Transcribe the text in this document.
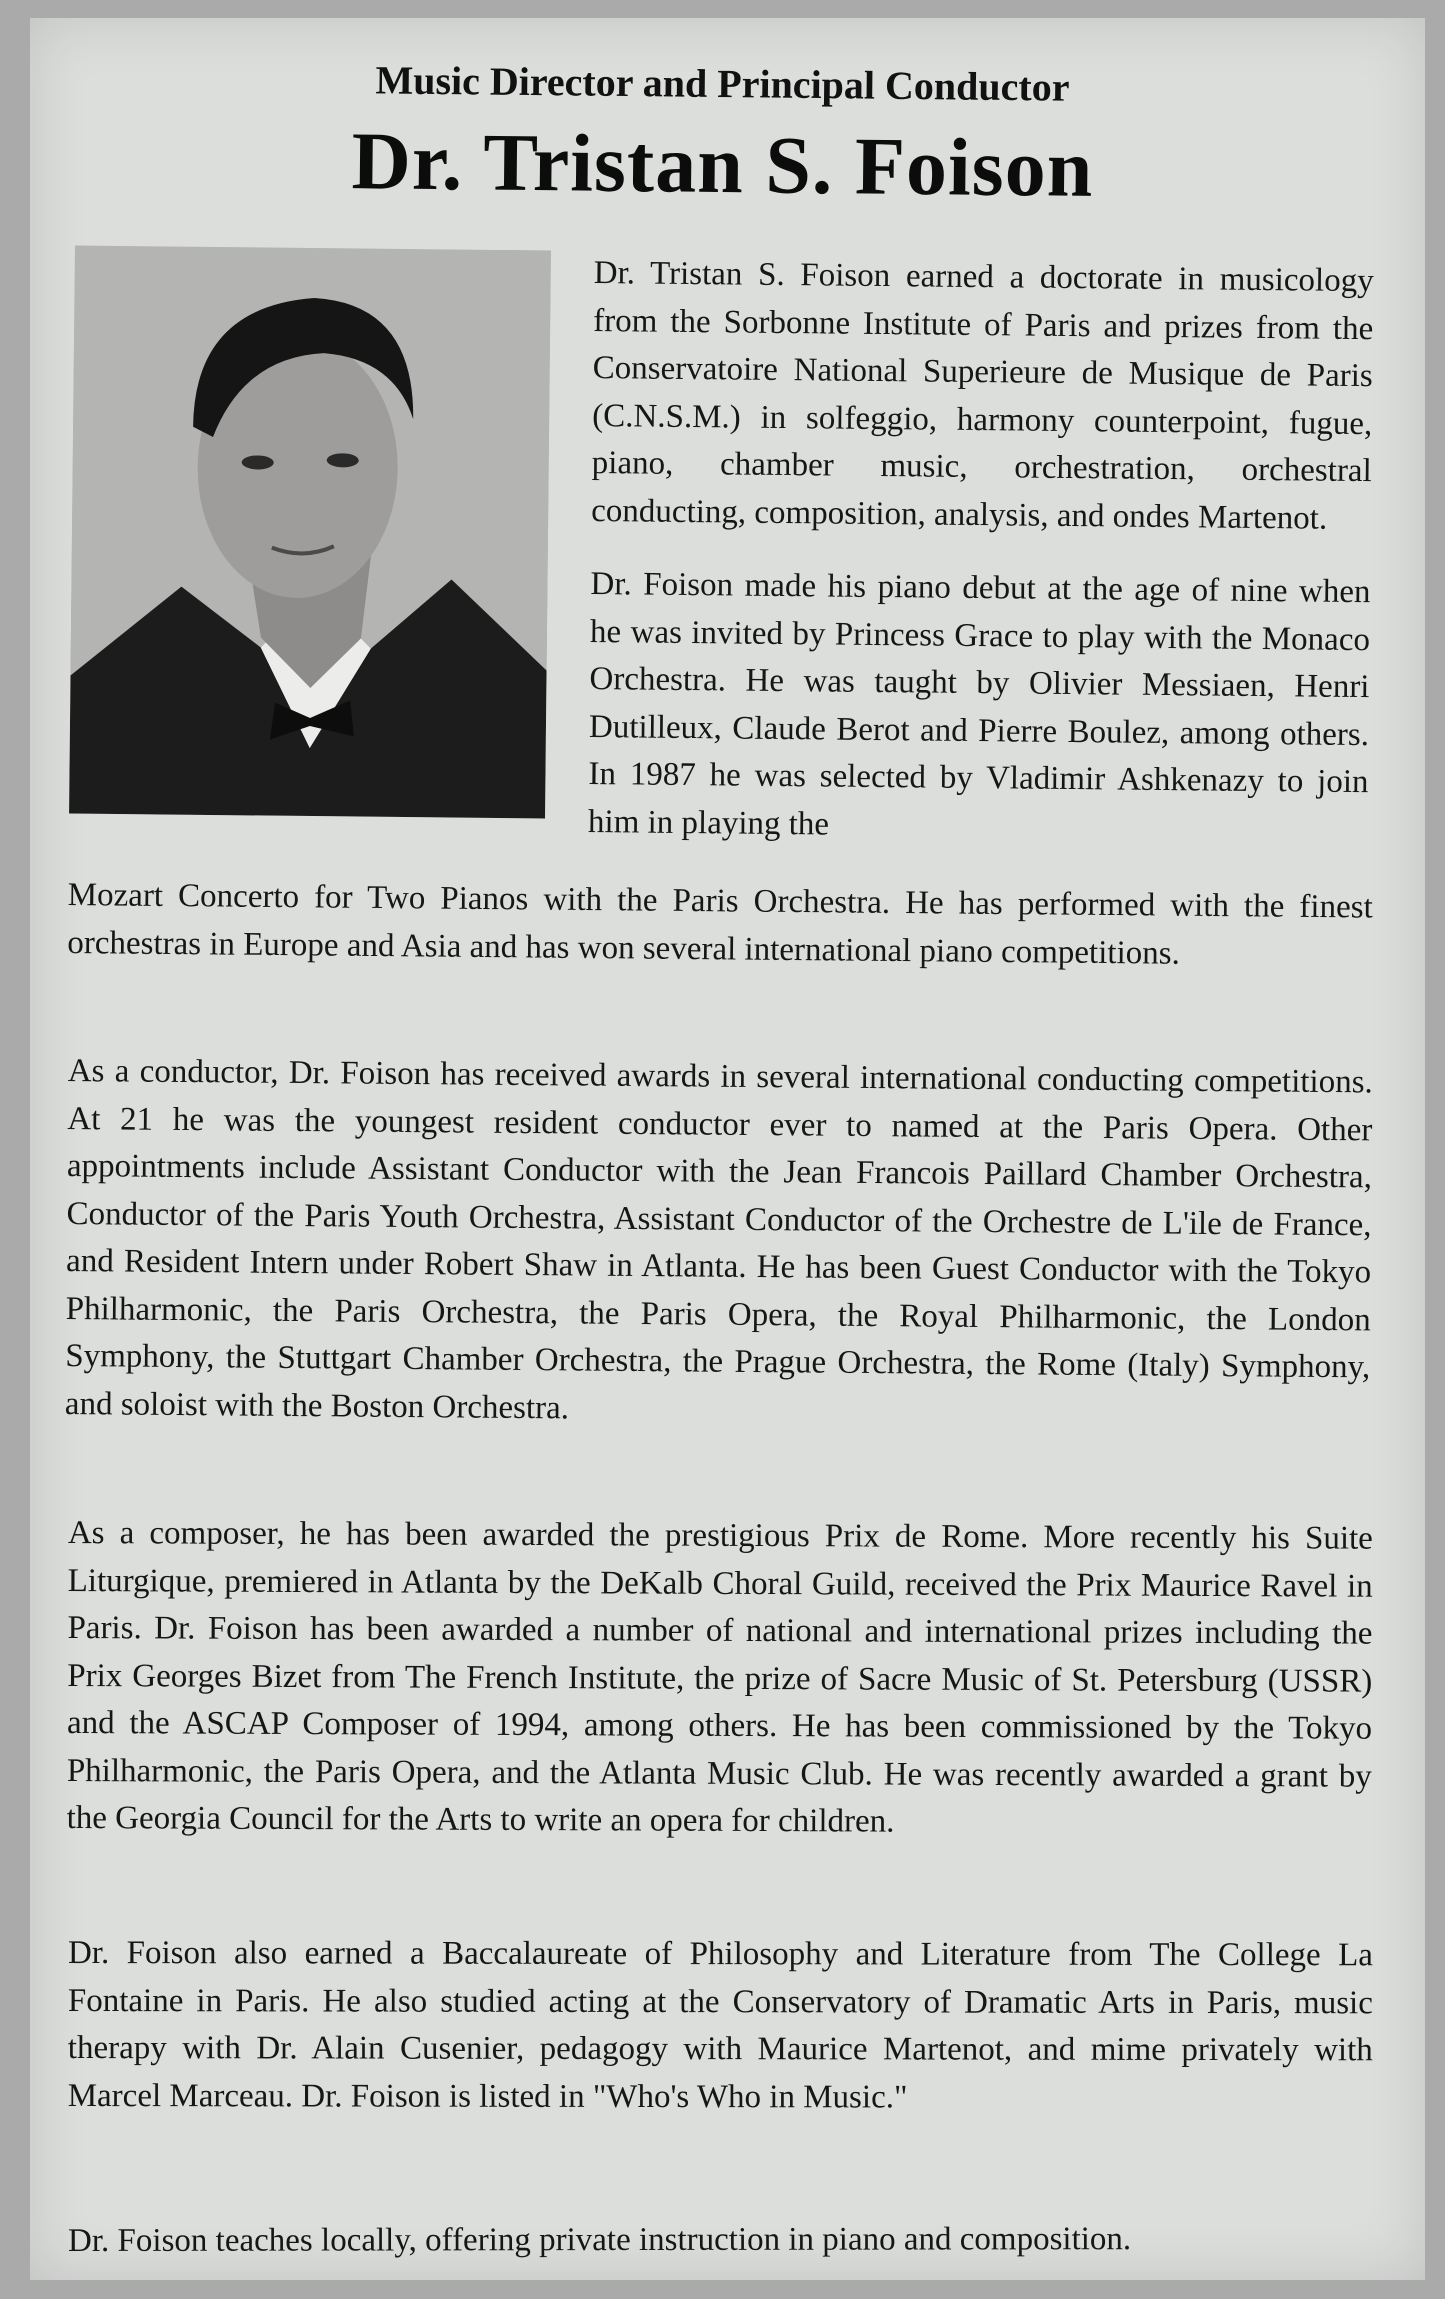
Music Director and Principal Conductor
Dr. Tristan S. Foison

Dr. Tristan S. Foison earned a doctorate in musicology from the Sorbonne Institute of Paris and prizes from the Conservatoire National Superieure de Musique de Paris (C.N.S.M.) in solfeggio, harmony counterpoint, fugue, piano, chamber music, orchestration, orchestral conducting, composition, analysis, and ondes Martenot.

Dr. Foison made his piano debut at the age of nine when he was invited by Princess Grace to play with the Monaco Orchestra. He was taught by Olivier Messiaen, Henri Dutilleux, Claude Berot and Pierre Boulez, among others. In 1987 he was selected by Vladimir Ashkenazy to join him in playing the

Mozart Concerto for Two Pianos with the Paris Orchestra. He has performed with the finest orchestras in Europe and Asia and has won several international piano competitions.

As a conductor, Dr. Foison has received awards in several international conducting competitions. At 21 he was the youngest resident conductor ever to named at the Paris Opera. Other appointments include Assistant Conductor with the Jean Francois Paillard Chamber Orchestra, Conductor of the Paris Youth Orchestra, Assistant Conductor of the Orchestre de L'ile de France, and Resident Intern under Robert Shaw in Atlanta. He has been Guest Conductor with the Tokyo Philharmonic, the Paris Orchestra, the Paris Opera, the Royal Philharmonic, the London Symphony, the Stuttgart Chamber Orchestra, the Prague Orchestra, the Rome (Italy) Symphony, and soloist with the Boston Orchestra.

As a composer, he has been awarded the prestigious Prix de Rome. More recently his Suite Liturgique, premiered in Atlanta by the DeKalb Choral Guild, received the Prix Maurice Ravel in Paris. Dr. Foison has been awarded a number of national and international prizes including the Prix Georges Bizet from The French Institute, the prize of Sacre Music of St. Petersburg (USSR) and the ASCAP Composer of 1994, among others. He has been commissioned by the Tokyo Philharmonic, the Paris Opera, and the Atlanta Music Club. He was recently awarded a grant by the Georgia Council for the Arts to write an opera for children.

Dr. Foison also earned a Baccalaureate of Philosophy and Literature from The College La Fontaine in Paris. He also studied acting at the Conservatory of Dramatic Arts in Paris, music therapy with Dr. Alain Cusenier, pedagogy with Maurice Martenot, and mime privately with Marcel Marceau. Dr. Foison is listed in "Who's Who in Music."

Dr. Foison teaches locally, offering private instruction in piano and composition.
